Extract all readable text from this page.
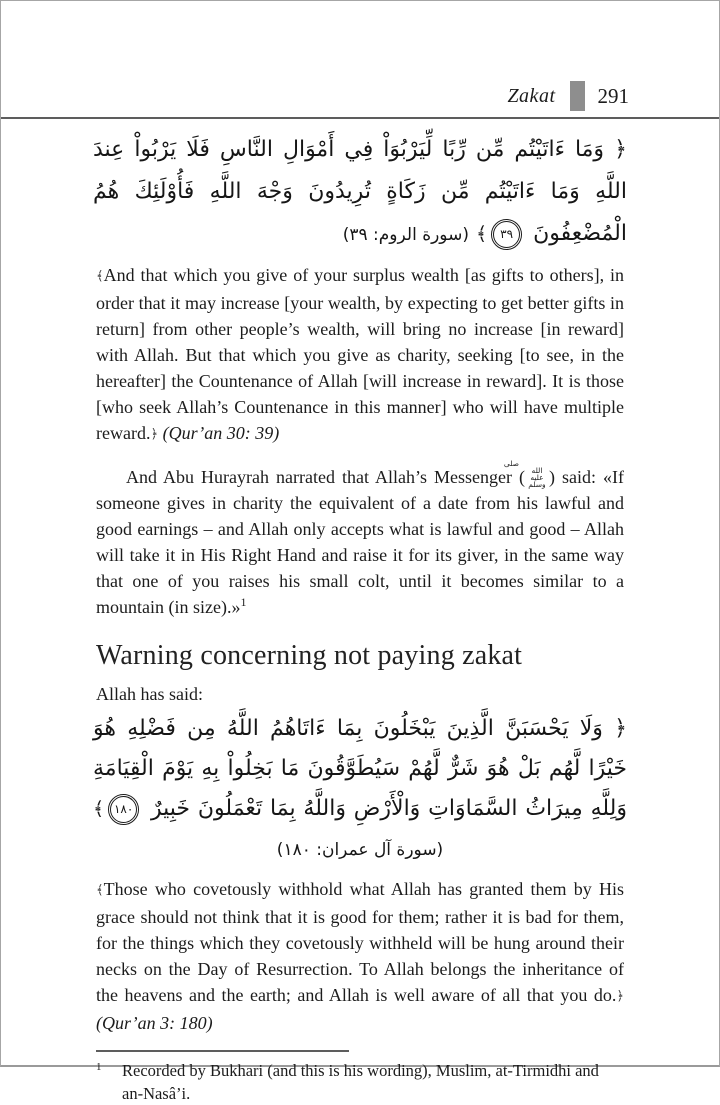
Zakat 291

﴿ وَمَا ءَاتَيْتُم مِّن رِّبًا لِّيَرْبُوَاْ فِي أَمْوَالِ النَّاسِ فَلَا يَرْبُواْ عِندَ اللَّهِ وَمَا ءَاتَيْتُم مِّن زَكَاةٍ تُرِيدُونَ وَجْهَ اللَّهِ فَأُوْلَئِكَ هُمُ الْمُضْعِفُونَ ٣٩﴾ (سورة الروم: ٣٩)

﴾And that which you give of your surplus wealth [as gifts to others], in order that it may increase [your wealth, by expecting to get better gifts in return] from other people’s wealth, will bring no increase [in reward] with Allah. But that which you give as charity, seeking [to see, in the hereafter] the Countenance of Allah [will increase in reward]. It is those [who seek Allah’s Countenance in this manner] who will have multiple reward.﴿ (Qur’an 30: 39)

And Abu Hurayrah narrated that Allah’s Messenger (صلى الله عليه وسلم ) said: «If someone gives in charity the equivalent of a date from his lawful and good earnings – and Allah only accepts what is lawful and good – Allah will take it in His Right Hand and raise it for its giver, in the same way that one of you raises his small colt, until it becomes similar to a mountain (in size).»$^1$

Warning concerning not paying zakat

Allah has said:

﴿ وَلَا يَحْسَبَنَّ الَّذِينَ يَبْخَلُونَ بِمَا ءَاتَاهُمُ اللَّهُ مِن فَضْلِهِ هُوَ خَيْرًا لَّهُم بَلْ هُوَ شَرٌّ لَّهُمْ سَيُطَوَّقُونَ مَا بَخِلُواْ بِهِ يَوْمَ الْقِيَامَةِ وَلِلَّهِ مِيرَاثُ السَّمَاوَاتِ وَالْأَرْضِ وَاللَّهُ بِمَا تَعْمَلُونَ خَبِيرٌ ١٨٠﴾ (سورة آل عمران: ١٨٠)

﴾Those who covetously withhold what Allah has granted them by His grace should not think that it is good for them; rather it is bad for them, for the things which they covetously withheld will be hung around their necks on the Day of Resurrection. To Allah belongs the inheritance of the heavens and the earth; and Allah is well aware of all that you do.﴿ (Qur’an 3: 180)

1 Recorded by Bukhari (and this is his wording), Muslim, at-Tirmidhi and an-Nasâ’i.
